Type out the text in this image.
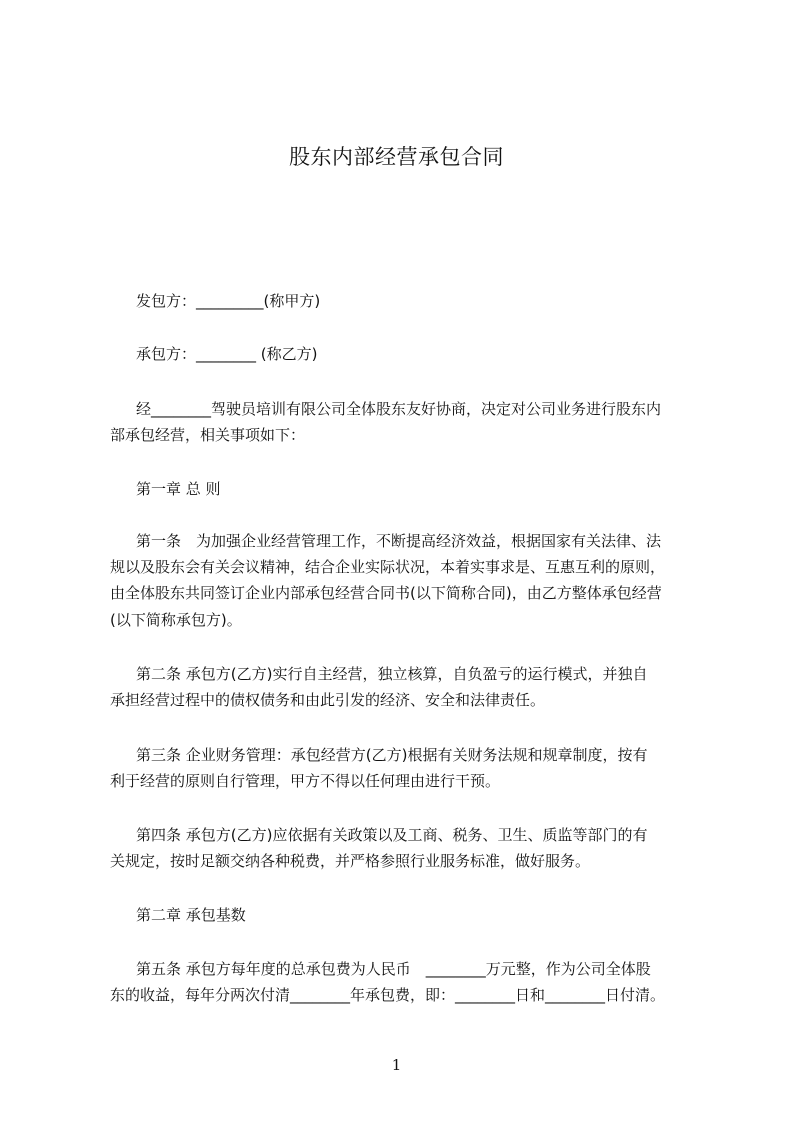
股东内部经营承包合同
发包方：_________(称甲方)
承包方：________ (称乙方)
经________驾驶员培训有限公司全体股东友好协商，决定对公司业务进行股东内
部承包经营，相关事项如下：
第一章 总 则
第一条　为加强企业经营管理工作，不断提高经济效益，根据国家有关法律、法
规以及股东会有关会议精神，结合企业实际状况，本着实事求是、互惠互利的原则，
由全体股东共同签订企业内部承包经营合同书(以下简称合同)，由乙方整体承包经营
(以下简称承包方)。
第二条 承包方(乙方)实行自主经营，独立核算，自负盈亏的运行模式，并独自
承担经营过程中的债权债务和由此引发的经济、安全和法律责任。
第三条 企业财务管理：承包经营方(乙方)根据有关财务法规和规章制度，按有
利于经营的原则自行管理，甲方不得以任何理由进行干预。
第四条 承包方(乙方)应依据有关政策以及工商、税务、卫生、质监等部门的有
关规定，按时足额交纳各种税费，并严格参照行业服务标准，做好服务。
第二章 承包基数
第五条 承包方每年度的总承包费为人民币　________万元整，作为公司全体股
东的收益，每年分两次付清________年承包费，即：________日和________日付清。
1
